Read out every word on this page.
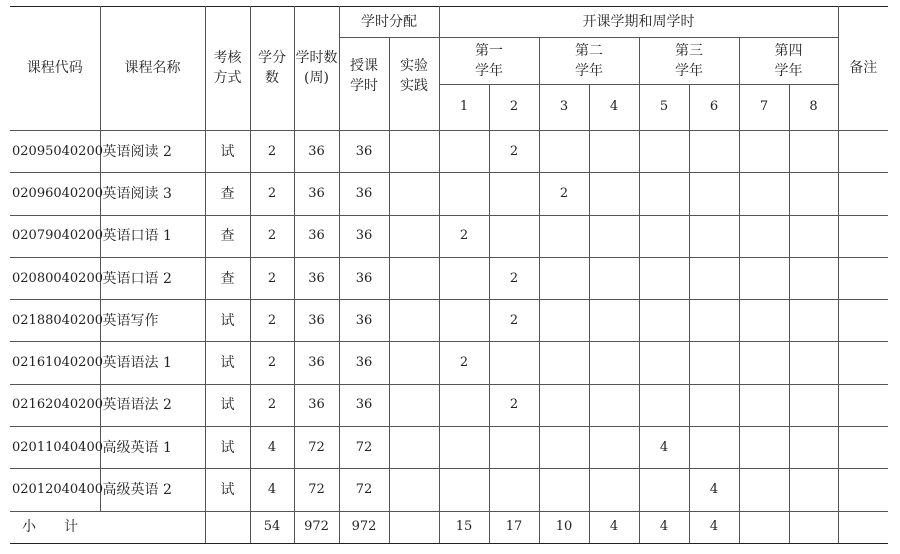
课程代码	课程名称	考核方式	学分数	学时数(周)	学时分配		开课学期和周学时								备注
					授课学时	实验实践	第一学年		第二学年		第三学年		第四学年		
							1	2	3	4	5	6	7	8	
02095040200	英语阅读 2	试	2	36	36			2							
02096040200	英语阅读 3	查	2	36	36				2						
02079040200	英语口语 1	查	2	36	36		2								
02080040200	英语口语 2	查	2	36	36			2							
02188040200	英语写作	试	2	36	36			2							
02161040200	英语语法 1	试	2	36	36		2								
02162040200	英语语法 2	试	2	36	36			2							
02011040400	高级英语 1	试	4	72	72						4				
02012040400	高级英语 2	试	4	72	72							4			
小　　计			54	972	972		15	17	10	4	4	4			
